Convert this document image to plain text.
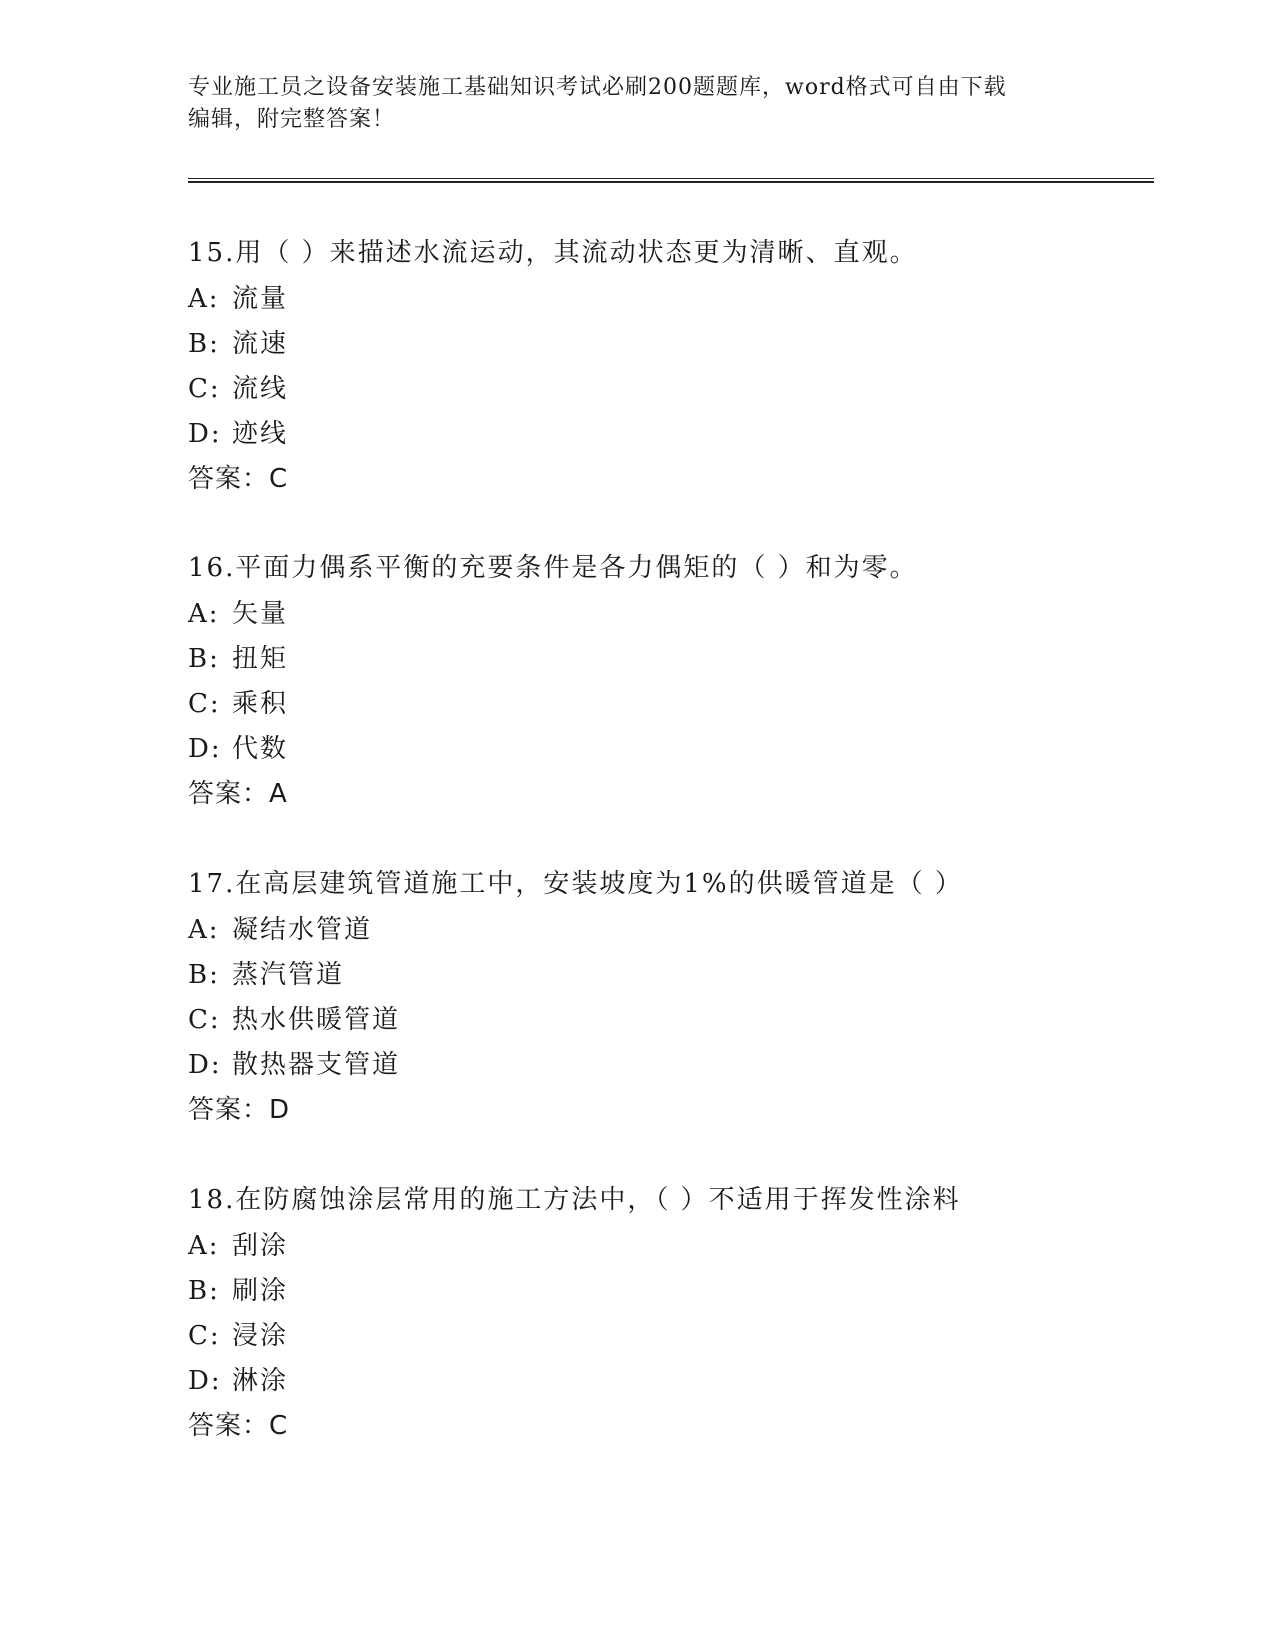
专业施工员之设备安装施工基础知识考试必刷200题题库，word格式可自由下载
编辑，附完整答案！

15.用（ ）来描述水流运动，其流动状态更为清晰、直观。

A: 流量

B: 流速

C: 流线

D: 迹线

答案：C

16.平面力偶系平衡的充要条件是各力偶矩的（ ）和为零。

A: 矢量

B: 扭矩

C: 乘积

D: 代数

答案：A

17.在高层建筑管道施工中，安装坡度为1%的供暖管道是（ ）

A: 凝结水管道

B: 蒸汽管道

C: 热水供暖管道

D: 散热器支管道

答案：D

18.在防腐蚀涂层常用的施工方法中，（ ）不适用于挥发性涂料

A: 刮涂

B: 刷涂

C: 浸涂

D: 淋涂

答案：C
